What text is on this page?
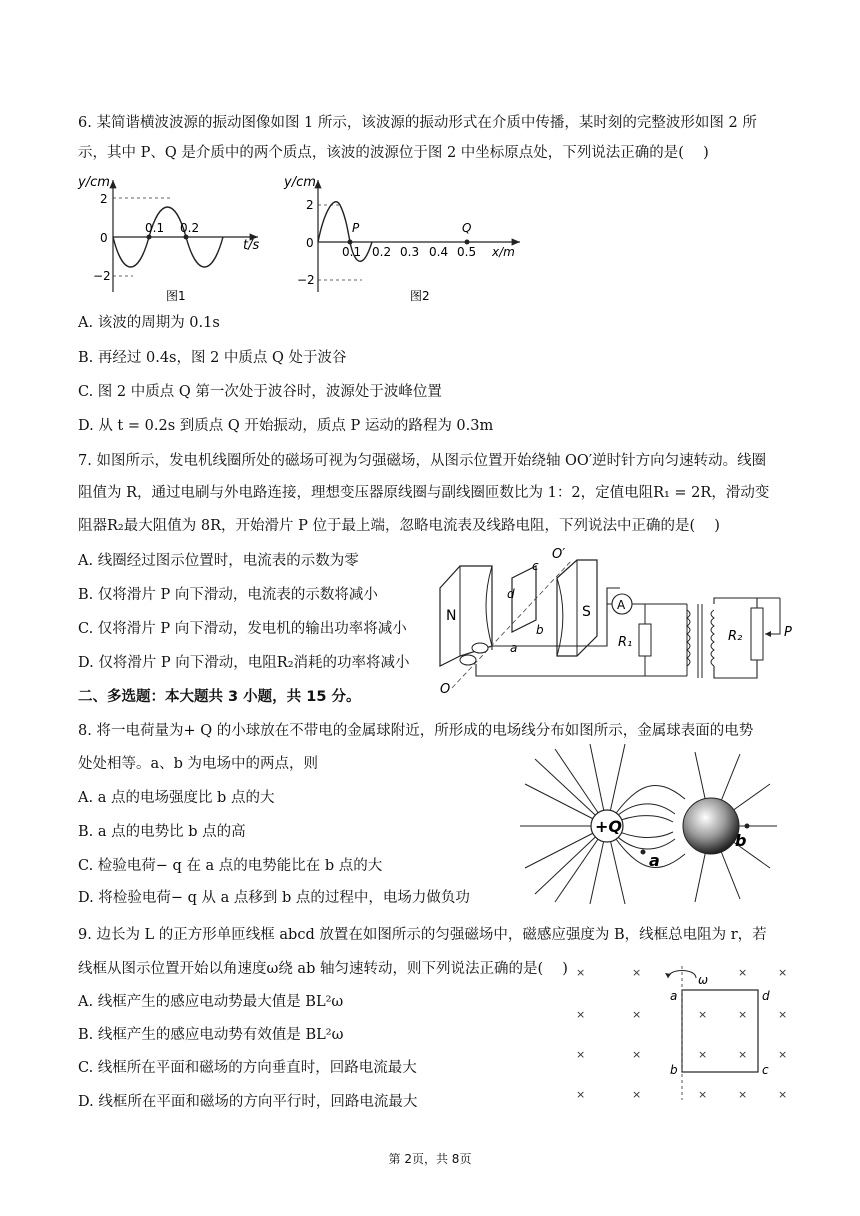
6. 某简谐横波波源的振动图像如图 1 所示，该波源的振动形式在介质中传播，某时刻的完整波形如图 2 所
示，其中 P、Q 是介质中的两个质点，该波的波源位于图 2 中坐标原点处，下列说法正确的是(　 )
y/cm
2
0
−2
0.1 0.2
t/s
图1
y/cm
2
0
−2
P	Q
0.1 0.2 0.3 0.4 0.5 x/m
图2
A. 该波的周期为 0.1s
B. 再经过 0.4s，图 2 中质点 Q 处于波谷
C. 图 2 中质点 Q 第一次处于波谷时，波源处于波峰位置
D. 从 t = 0.2s 到质点 Q 开始振动，质点 P 运动的路程为 0.3m
7. 如图所示，发电机线圈所处的磁场可视为匀强磁场，从图示位置开始绕轴 OO′逆时针方向匀速转动。线圈
阻值为 R，通过电刷与外电路连接，理想变压器原线圈与副线圈匝数比为 1：2，定值电阻R₁ = 2R，滑动变
阻器R₂最大阻值为 8R，开始滑片 P 位于最上端，忽略电流表及线路电阻，下列说法中正确的是(　 )
A. 线圈经过图示位置时，电流表的示数为零
B. 仅将滑片 P 向下滑动，电流表的示数将减小
C. 仅将滑片 P 向下滑动，发电机的输出功率将减小
D. 仅将滑片 P 向下滑动，电阻R₂消耗的功率将减小
N	S
d
c
b
a
O′
O
A
R₁	R₂	P
二、多选题：本大题共 3 小题，共 15 分。
8. 将一电荷量为+ Q 的小球放在不带电的金属球附近，所形成的电场线分布如图所示，金属球表面的电势
处处相等。a、b 为电场中的两点，则
A. a 点的电场强度比 b 点的大
B. a 点的电势比 b 点的高
C. 检验电荷− q 在 a 点的电势能比在 b 点的大
D. 将检验电荷− q 从 a 点移到 b 点的过程中，电场力做负功
+Q
a
b
9. 边长为 L 的正方形单匝线框 abcd 放置在如图所示的匀强磁场中，磁感应强度为 B，线框总电阻为 r，若
线框从图示位置开始以角速度ω绕 ab 轴匀速转动，则下列说法正确的是(　 )
A. 线框产生的感应电动势最大值是 BL²ω
B. 线框产生的感应电动势有效值是 BL²ω
C. 线框所在平面和磁场的方向垂直时，回路电流最大
D. 线框所在平面和磁场的方向平行时，回路电流最大
×	×	×	×
×	×	×	×	×
×	×	×	×	×
×	×	×	×	×
ω
a	d
b	c
第 2页，共 8页
